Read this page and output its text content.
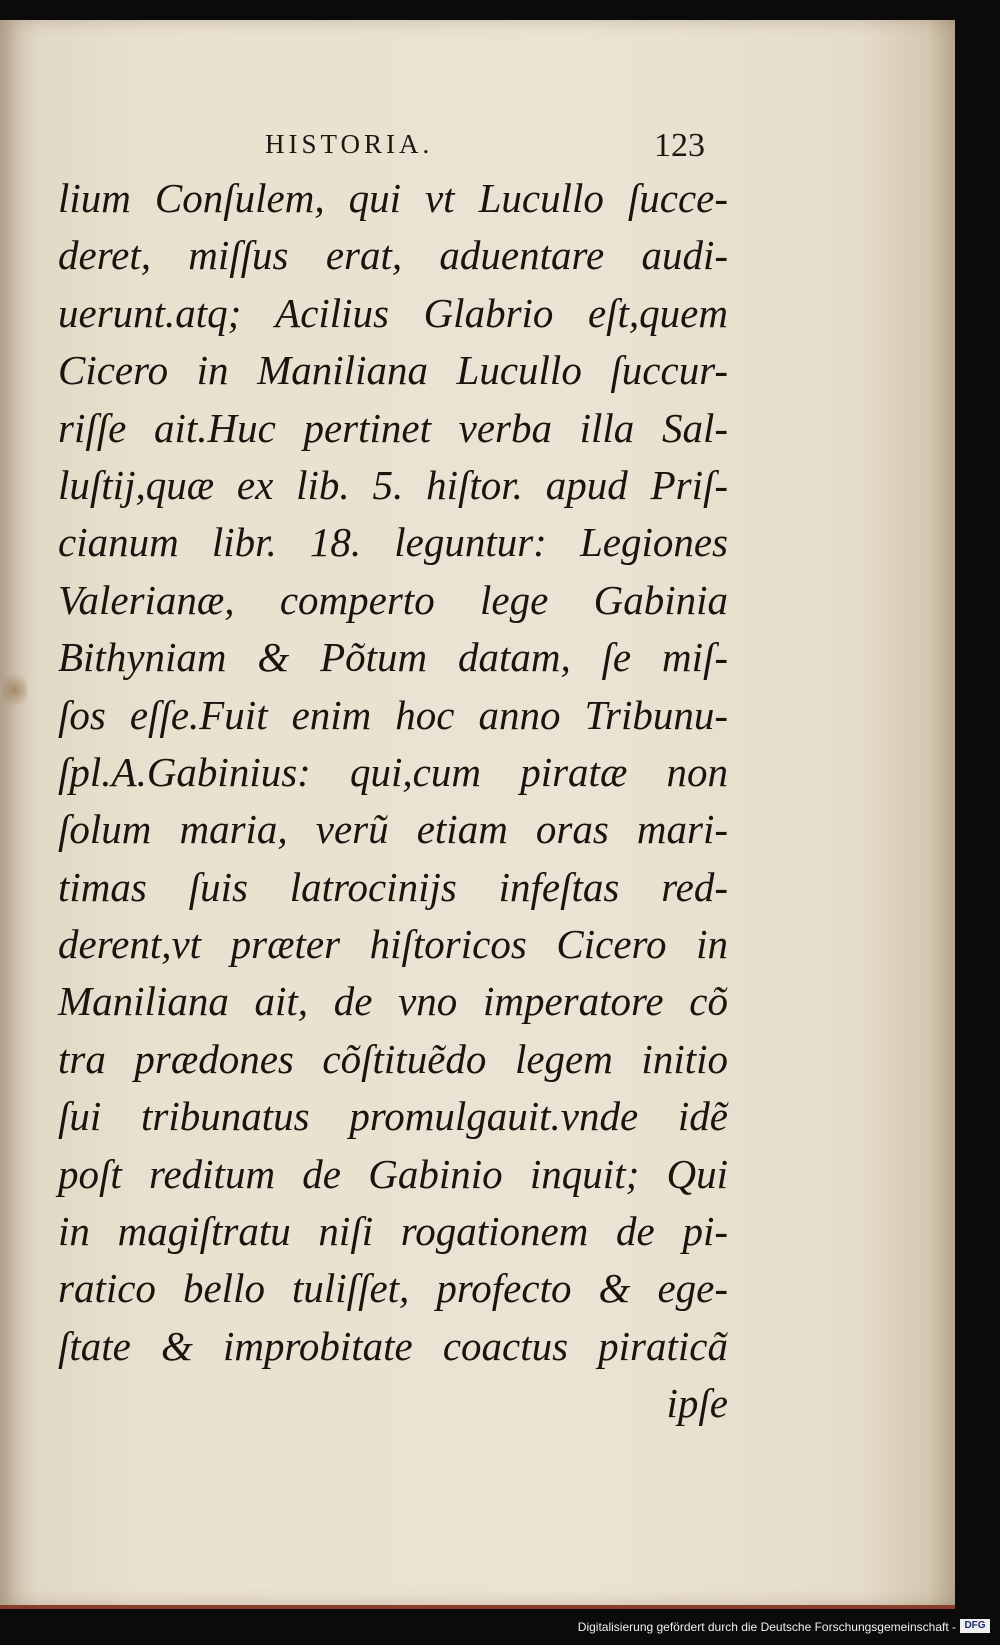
HISTORIA.	123
lium Conſulem, qui vt Lucullo ſucce-
deret, miſſus erat, aduentare audi-
uerunt.atq; Acilius Glabrio eſt,quem
Cicero in Maniliana Lucullo ſuccur-
riſſe ait.Huc pertinet verba illa Sal-
luſtij,quæ ex lib. 5. hiſtor. apud Priſ-
cianum libr. 18. leguntur: Legiones
Valerianæ, comperto lege Gabinia
Bithyniam & Põtum datam, ſe miſ-
ſos eſſe.Fuit enim hoc anno Tribunu-
ſpl.A.Gabinius: qui,cum piratæ non
ſolum maria, verũ etiam oras mari-
timas ſuis latrocinijs infeſtas red-
derent,vt præter hiſtoricos Cicero in
Maniliana ait, de vno imperatore cõ
tra prædones cõſtituẽdo legem initio
ſui tribunatus promulgauit.vnde idẽ
poſt reditum de Gabinio inquit; Qui
in magiſtratu niſi rogationem de pi-
ratico bello tuliſſet, profecto & ege-
ſtate & improbitate coactus piraticã
ipſe
Digitalisierung gefördert durch die Deutsche Forschungsgemeinschaft - DFG
